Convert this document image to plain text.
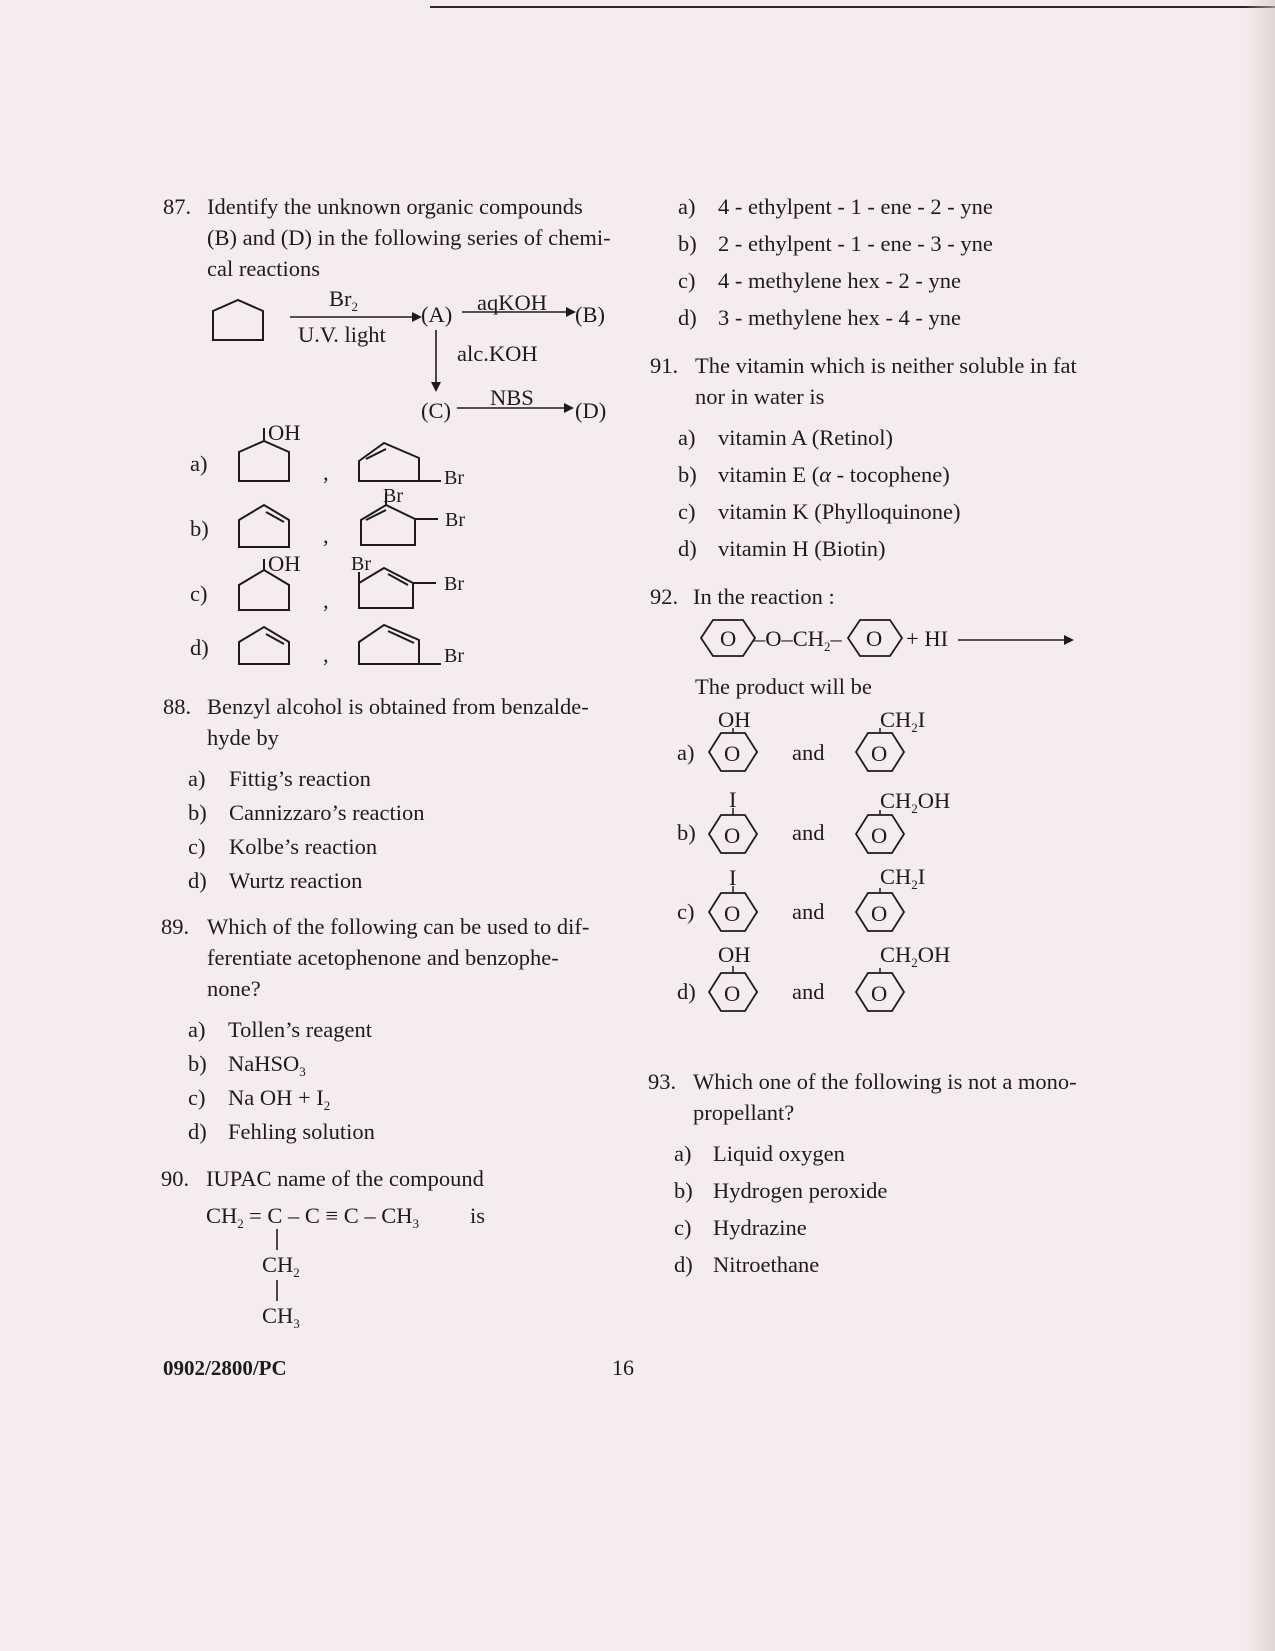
87. Identify the unknown organic compounds
(B) and (D) in the following series of chemi-
cal reactions
$Br_2$
U.V. light
(A) aqKOH (B)
alc.KOH
(C)
NBS
(D)
a)
OH
,	Br
b)	,
Br
Br
c)
OH
,
Br
Br
d)	,	Br
88. Benzyl alcohol is obtained from benzalde-
hyde by
a) Fittig’s reaction
b) Cannizzaro’s reaction
c) Kolbe’s reaction
d) Wurtz reaction
89. Which of the following can be used to dif-
ferentiate acetophenone and benzophe-
none?
a) Tollen’s reagent
b) NaHSO$_3$
c) Na OH + $I_2$
d) Fehling solution
90. IUPAC name of the compound
$CH_2 = C - C \equiv C - CH_3$ is
$CH_2$
$CH_3$
a) 4 - ethylpent - 1 - ene - 2 - yne
b) 2 - ethylpent - 1 - ene - 3 - yne
c) 4 - methylene hex - 2 - yne
d) 3 - methylene hex - 4 - yne
91. The vitamin which is neither soluble in fat
nor in water is
a) vitamin A (Retinol)
b) vitamin E (α - tocophene)
c) vitamin K (Phylloquinone)
d) vitamin H (Biotin)
92. In the reaction :
O $-O-CH_2-$ O + HI
The product will be
a)
OH
O and
$CH_2I$
O
b)
I
O and
$CH_2OH$
O
c)
I
O and
$CH_2I$
O
d)
OH
O and
$CH_2OH$
O
93. Which one of the following is not a mono-
propellant?
a) Liquid oxygen
b) Hydrogen peroxide
c) Hydrazine
d) Nitroethane
0902/2800/PC	16
